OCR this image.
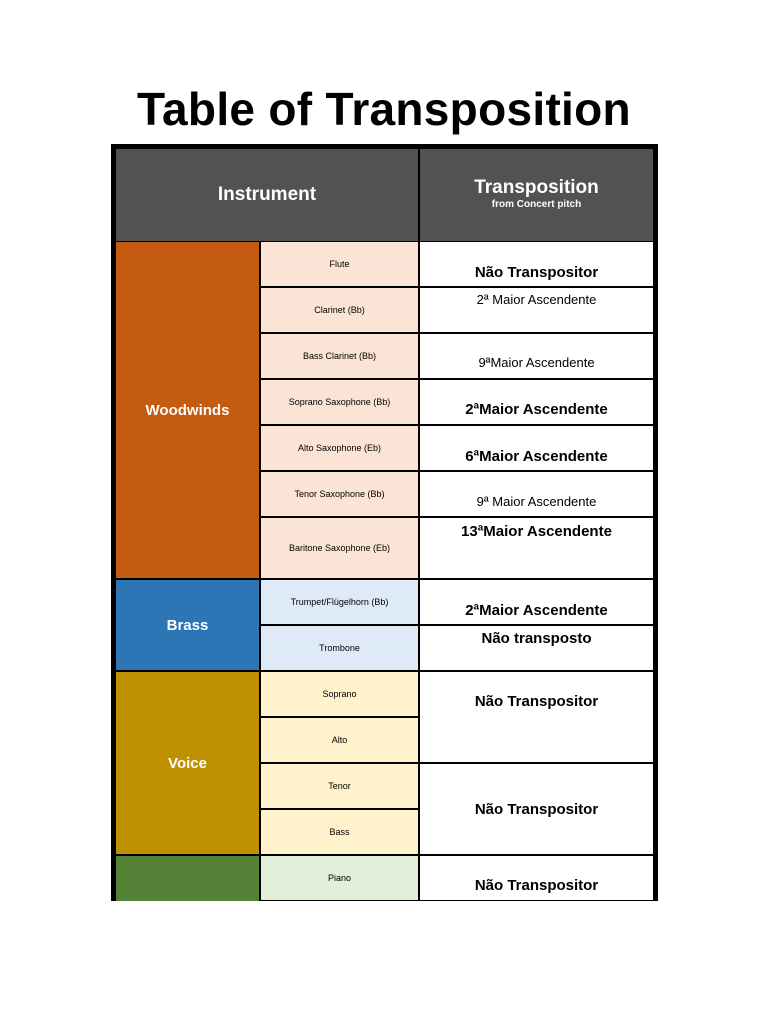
Table of Transposition
Instrument	Transposition
from Concert pitch
Woodwinds
Flute
Clarinet (Bb)
Bass Clarinet (Bb)
Soprano Saxophone (Bb)
Alto Saxophone (Eb)
Tenor Saxophone (Bb)
Baritone Saxophone (Eb)
Não Transpositor
2ª Maior Ascendente
9ªMaior Ascendente
2ªMaior Ascendente
6ªMaior Ascendente
9ª Maior Ascendente
13ªMaior Ascendente
Brass
Trumpet/Flügelhorn (Bb)
Trombone
2ªMaior Ascendente
Não transposto
Voice
Soprano
Alto
Tenor
Bass
Não Transpositor
Não Transpositor
Piano	Não Transpositor
